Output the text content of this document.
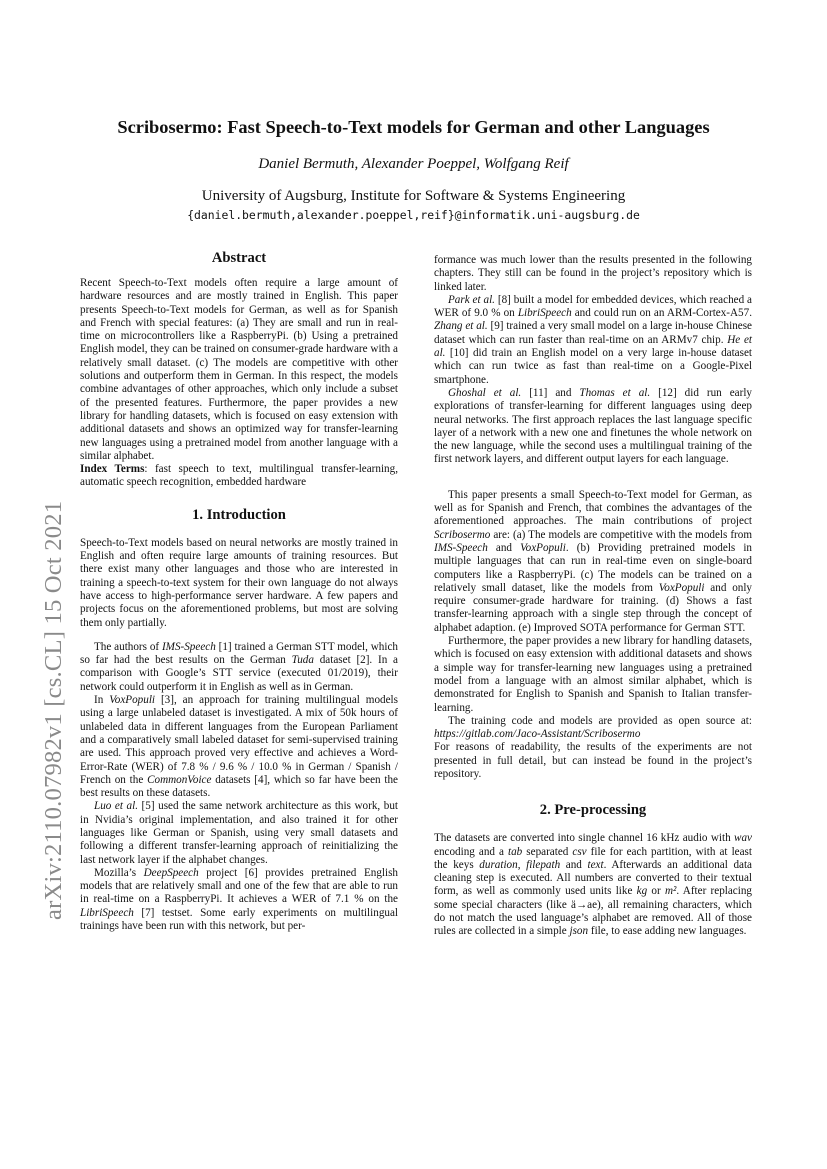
Scribosermo: Fast Speech-to-Text models for German and other Languages
Daniel Bermuth, Alexander Poeppel, Wolfgang Reif
University of Augsburg, Institute for Software & Systems Engineering
{daniel.bermuth,alexander.poeppel,reif}@informatik.uni-augsburg.de
arXiv:2110.07982v1 [cs.CL] 15 Oct 2021
Abstract

Recent Speech-to-Text models often require a large amount of hardware resources and are mostly trained in English. This paper presents Speech-to-Text models for German, as well as for Spanish and French with special features: (a) They are small and run in real-time on microcontrollers like a RaspberryPi. (b) Using a pretrained English model, they can be trained on consumer-grade hardware with a relatively small dataset. (c) The models are competitive with other solutions and outperform them in German. In this respect, the models combine advantages of other approaches, which only include a subset of the presented features. Furthermore, the paper provides a new library for handling datasets, which is focused on easy extension with additional datasets and shows an optimized way for transfer-learning new languages using a pretrained model from another language with a similar alphabet.

Index Terms: fast speech to text, multilingual transfer-learning, automatic speech recognition, embedded hardware

1. Introduction

Speech-to-Text models based on neural networks are mostly trained in English and often require large amounts of training resources. But there exist many other languages and those who are interested in training a speech-to-text system for their own language do not always have access to high-performance server hardware. A few papers and projects focus on the aforementioned problems, but most are solving them only partially.

The authors of IMS-Speech [1] trained a German STT model, which so far had the best results on the German Tuda dataset [2]. In a comparison with Google’s STT service (executed 01/2019), their network could outperform it in English as well as in German.

In VoxPopuli [3], an approach for training multilingual models using a large unlabeled dataset is investigated. A mix of 50k hours of unlabeled data in different languages from the European Parliament and a comparatively small labeled dataset for semi-supervised training are used. This approach proved very effective and achieves a Word-Error-Rate (WER) of 7.8 % / 9.6 % / 10.0 % in German / Spanish / French on the CommonVoice datasets [4], which so far have been the best results on these datasets.

Luo et al. [5] used the same network architecture as this work, but in Nvidia’s original implementation, and also trained it for other languages like German or Spanish, using very small datasets and following a different transfer-learning approach of reinitializing the last network layer if the alphabet changes.

Mozilla’s DeepSpeech project [6] provides pretrained English models that are relatively small and one of the few that are able to run in real-time on a RaspberryPi. It achieves a WER of 7.1 % on the LibriSpeech [7] testset. Some early experiments on multilingual trainings have been run with this network, but per-

formance was much lower than the results presented in the following chapters. They still can be found in the project’s repository which is linked later.

Park et al. [8] built a model for embedded devices, which reached a WER of 9.0 % on LibriSpeech and could run on an ARM-Cortex-A57. Zhang et al. [9] trained a very small model on a large in-house Chinese dataset which can run faster than real-time on an ARMv7 chip. He et al. [10] did train an English model on a very large in-house dataset which can run twice as fast than real-time on a Google-Pixel smartphone.

Ghoshal et al. [11] and Thomas et al. [12] did run early explorations of transfer-learning for different languages using deep neural networks. The first approach replaces the last language specific layer of a network with a new one and finetunes the whole network on the new language, while the second uses a multilingual training of the first network layers, and different output layers for each language.

This paper presents a small Speech-to-Text model for German, as well as for Spanish and French, that combines the advantages of the aforementioned approaches. The main contributions of project Scribosermo are: (a) The models are competitive with the models from IMS-Speech and VoxPopuli. (b) Providing pretrained models in multiple languages that can run in real-time even on single-board computers like a RaspberryPi. (c) The models can be trained on a relatively small dataset, like the models from VoxPopuli and only require consumer-grade hardware for training. (d) Shows a fast transfer-learning approach with a single step through the concept of alphabet adaption. (e) Improved SOTA performance for German STT.

Furthermore, the paper provides a new library for handling datasets, which is focused on easy extension with additional datasets and shows a simple way for transfer-learning new languages using a pretrained model from a language with an almost similar alphabet, which is demonstrated for English to Spanish and Spanish to Italian transfer-learning.

The training code and models are provided as open source at: https://gitlab.com/Jaco-Assistant/Scribosermo

For reasons of readability, the results of the experiments are not presented in full detail, but can instead be found in the project’s repository.

2. Pre-processing

The datasets are converted into single channel 16 kHz audio with wav encoding and a tab separated csv file for each partition, with at least the keys duration, filepath and text. Afterwards an additional data cleaning step is executed. All numbers are converted to their textual form, as well as commonly used units like kg or m². After replacing some special characters (like ä→ae), all remaining characters, which do not match the used language’s alphabet are removed. All of those rules are collected in a simple json file, to ease adding new languages.
